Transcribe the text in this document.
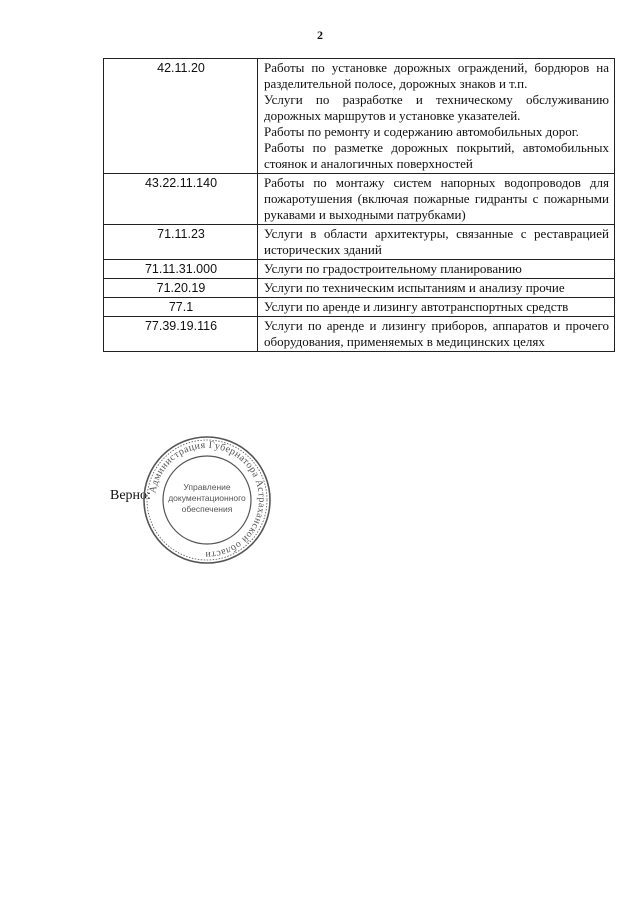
2
42.11.20	Работы по установке дорожных ограждений, бордюров на разделительной полосе, дорожных знаков и т.п.

Услуги по разработке и техническому обслуживанию дорожных маршрутов и установке указателей.

Работы по ремонту и содержанию автомобильных дорог.

Работы по разметке дорожных покрытий, автомобильных стоянок и аналогичных поверхностей

43.22.11.140	Работы по монтажу систем напорных водопроводов для пожаротушения (включая пожарные гидранты с пожарными рукавами и выходными патрубками)

71.11.23	Услуги в области архитектуры, связанные с реставрацией исторических зданий

71.11.31.000	Услуги по градостроительному планированию

71.20.19	Услуги по техническим испытаниям и анализу прочие

77.1	Услуги по аренде и лизингу автотранспортных средств

77.39.19.116	Услуги по аренде и лизингу приборов, аппаратов и прочего оборудования, применяемых в медицинских целях

Верно:
Администрация Губернатора Астраханской области
Управление
документационного
обеспечения
